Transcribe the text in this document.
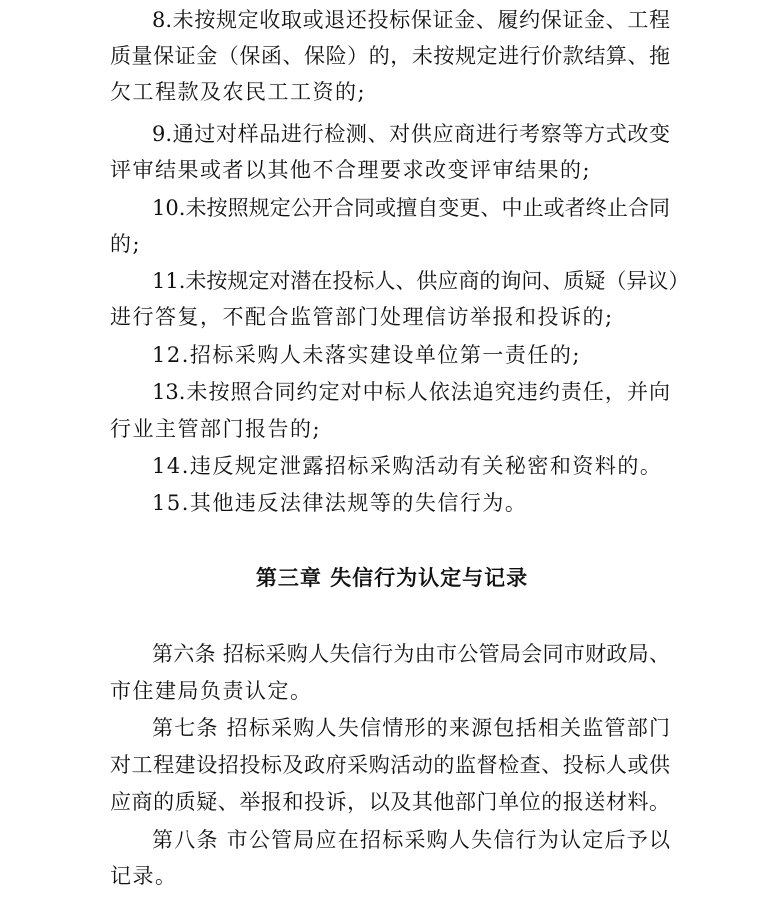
8.未按规定收取或退还投标保证金、履约保证金、工程
质量保证金（保函、保险）的，未按规定进行价款结算、拖
欠工程款及农民工工资的;
9.通过对样品进行检测、对供应商进行考察等方式改变
评审结果或者以其他不合理要求改变评审结果的;
10.未按照规定公开合同或擅自变更、中止或者终止合同
的;
11.未按规定对潜在投标人、供应商的询问、质疑（异议）
进行答复，不配合监管部门处理信访举报和投诉的;
12.招标采购人未落实建设单位第一责任的;
13.未按照合同约定对中标人依法追究违约责任，并向
行业主管部门报告的;
14.违反规定泄露招标采购活动有关秘密和资料的。
15.其他违反法律法规等的失信行为。
第三章 失信行为认定与记录
第六条 招标采购人失信行为由市公管局会同市财政局、
市住建局负责认定。
第七条 招标采购人失信情形的来源包括相关监管部门
对工程建设招投标及政府采购活动的监督检查、投标人或供
应商的质疑、举报和投诉，以及其他部门单位的报送材料。
第八条 市公管局应在招标采购人失信行为认定后予以
记录。
